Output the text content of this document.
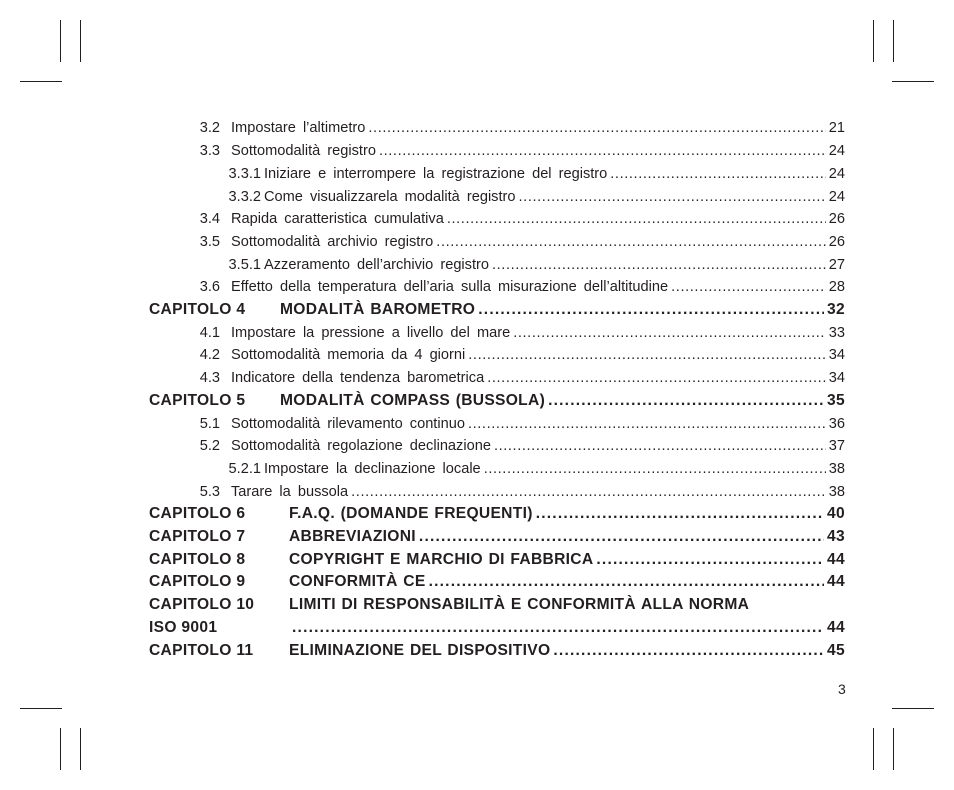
3.2 Impostare l’altimetro .....	21
3.3 Sottomodalità registro .....	24
3.3.1 Iniziare e interrompere la registrazione del registro .....	24
3.3.2 Come visualizzarela modalità registro .....	24
3.4 Rapida caratteristica cumulativa .....	26
3.5 Sottomodalità archivio registro .....	26
3.5.1 Azzeramento dell’archivio registro .....	27
3.6 Effetto della temperatura dell’aria sulla misurazione dell’altitudine .....	28
CAPITOLO 4	MODALITÀ BAROMETRO .....	32
4.1 Impostare la pressione a livello del mare .....	33
4.2 Sottomodalità memoria da 4 giorni .....	34
4.3 Indicatore della tendenza barometrica .....	34
CAPITOLO 5	MODALITÀ COMPASS (BUSSOLA) .....	35
5.1 Sottomodalità rilevamento continuo .....	36
5.2 Sottomodalità regolazione declinazione .....	37
5.2.1 Impostare la declinazione locale .....	38
5.3 Tarare la bussola .....	38
CAPITOLO 6	F.A.Q. (DOMANDE FREQUENTI) .....	40
CAPITOLO 7	ABBREVIAZIONI .....	43
CAPITOLO 8	COPYRIGHT E MARCHIO DI FABBRICA .....	44
CAPITOLO 9	CONFORMITÀ CE .....	44
CAPITOLO 10	LIMITI DI RESPONSABILITÀ E CONFORMITÀ ALLA NORMA
ISO 9001 .....	44
CAPITOLO 11	ELIMINAZIONE DEL DISPOSITIVO .....	45
3
